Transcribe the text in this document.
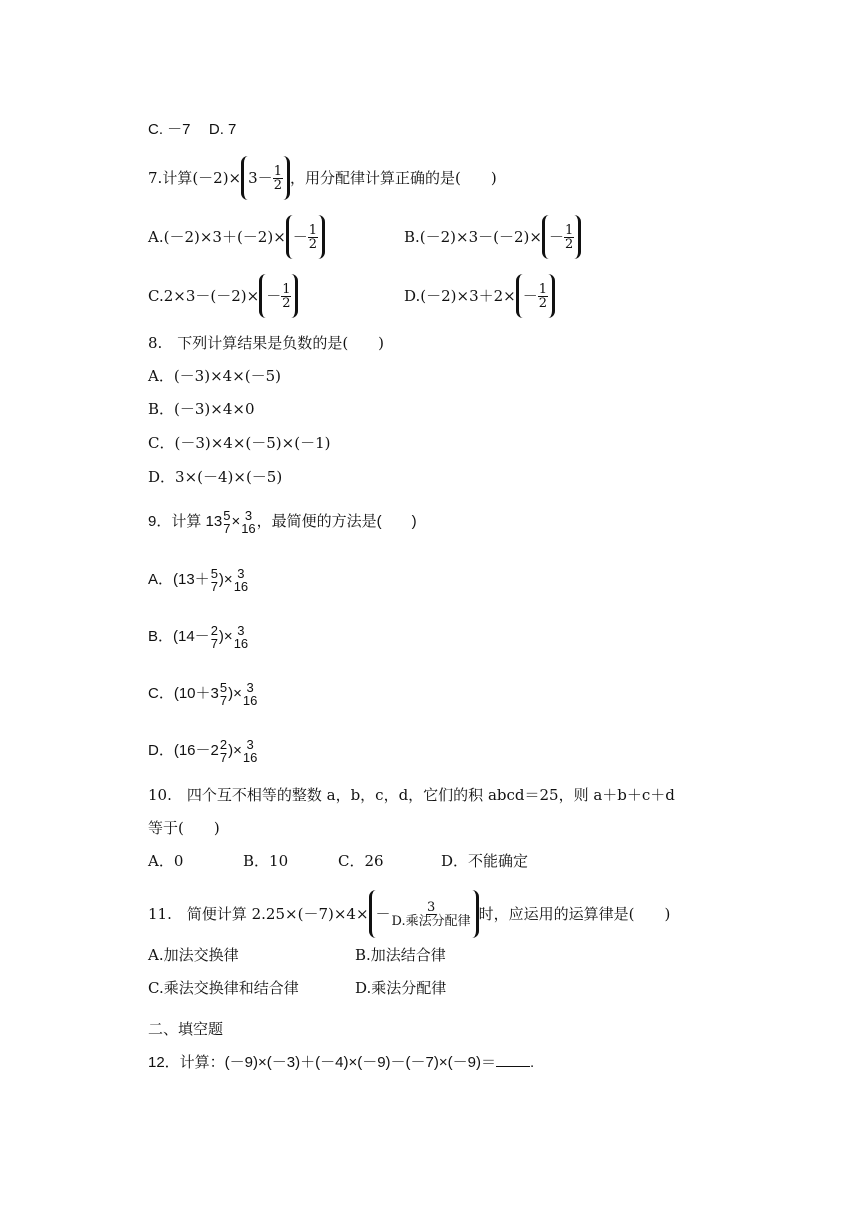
C. －7 D. 7
7. 计算$(-2)\times 3- \frac{1}{2}$ ，用分配律计算正确的是(　　)
$A.(-2)\times 3+(-2)\times - \frac{1}{2}$	$B.(-2)\times 3-(-2)\times - \frac{1}{2}$
$C.2\times 3-(-2)\times - \frac{1}{2}$	$D.(-2)\times 3+2\times - \frac{1}{2}$
8.　下列计算结果是负数的是(　　)
A．(－3)×4×(－5)
B．(－3)×4×0
C．(－3)×4×(－5)×(－1)
D．3×(－4)×(－5)
9．计算 13 5
7 × 3
16 ，最简便的方法是(　　)
A．(13＋ 5
7 )× 3
16
B．(14－ 2
7 )× 3
16
C．(10＋3 5
7 )× 3
16
D．(16－2 2
7 )× 3
16
10.　四个互不相等的整数 a，b，c，d，它们的积 abcd＝25，则 a＋b＋c＋d
等于(　　)
A．0	B．10	C．26	D．不能确定
11.　简便计算 $2.25\times(-7)\times 4\times - \frac{3}{\text{D.乘法分配律}}$ 时，应运用的运算律是(　　)
A.加法交换律	B.加法结合律
C.乘法交换律和结合律	D.乘法分配律
二、填空题
12．计算：(－9)×(－3)＋(－4)×(－9)－(－7)×(－9)＝ .
